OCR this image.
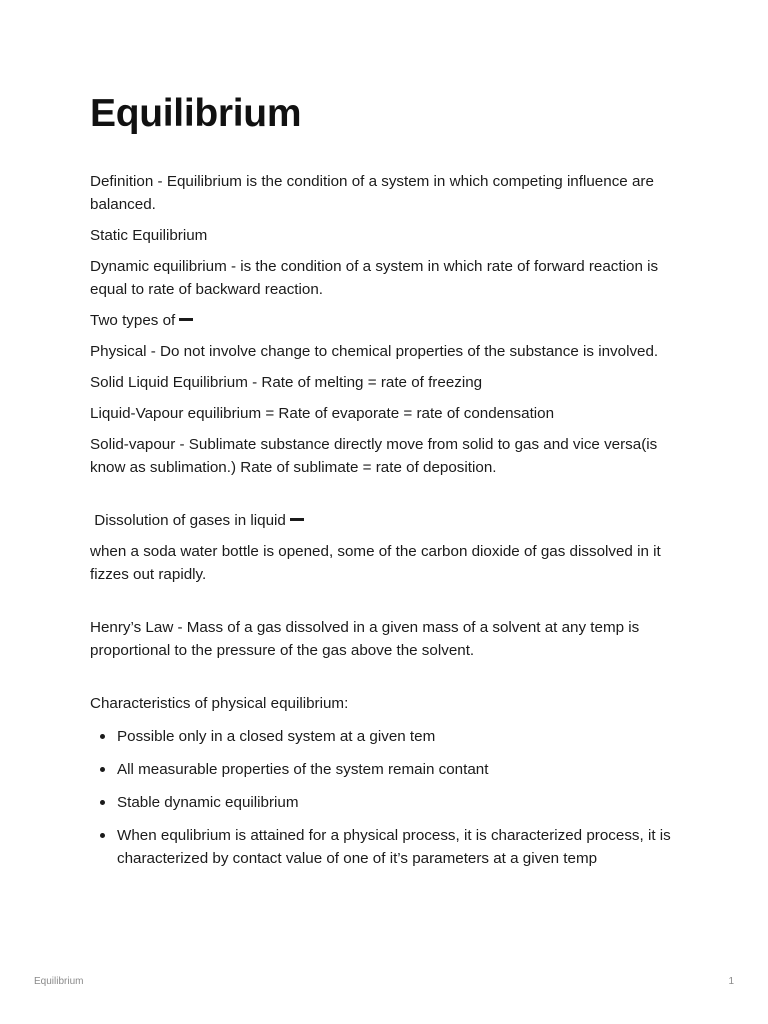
Equilibrium

Definition - Equilibrium is the condition of a system in which competing influence are balanced.

Static Equilibrium

Dynamic equilibrium - is the condition of a system in which rate of forward reaction is equal to rate of backward reaction.

Two types of

Physical - Do not involve change to chemical properties of the substance is involved.

Solid Liquid Equilibrium - Rate of melting = rate of freezing

Liquid-Vapour equilibrium = Rate of evaporate = rate of condensation

Solid-vapour - Sublimate substance directly move from solid to gas and vice versa(is know as sublimation.) Rate of sublimate = rate of deposition.

Dissolution of gases in liquid

when a soda water bottle is opened, some of the carbon dioxide of gas dissolved in it fizzes out rapidly.

Henry’s Law - Mass of a gas dissolved in a given mass of a solvent at any temp is proportional to the pressure of the gas above the solvent.

Characteristics of physical equilibrium:

Possible only in a closed system at a given tem
All measurable properties of the system remain contant
Stable dynamic equilibrium
When equlibrium is attained for a physical process, it is characterized process, it is characterized by contact value of one of it’s parameters at a given temp
Equilibrium	1
